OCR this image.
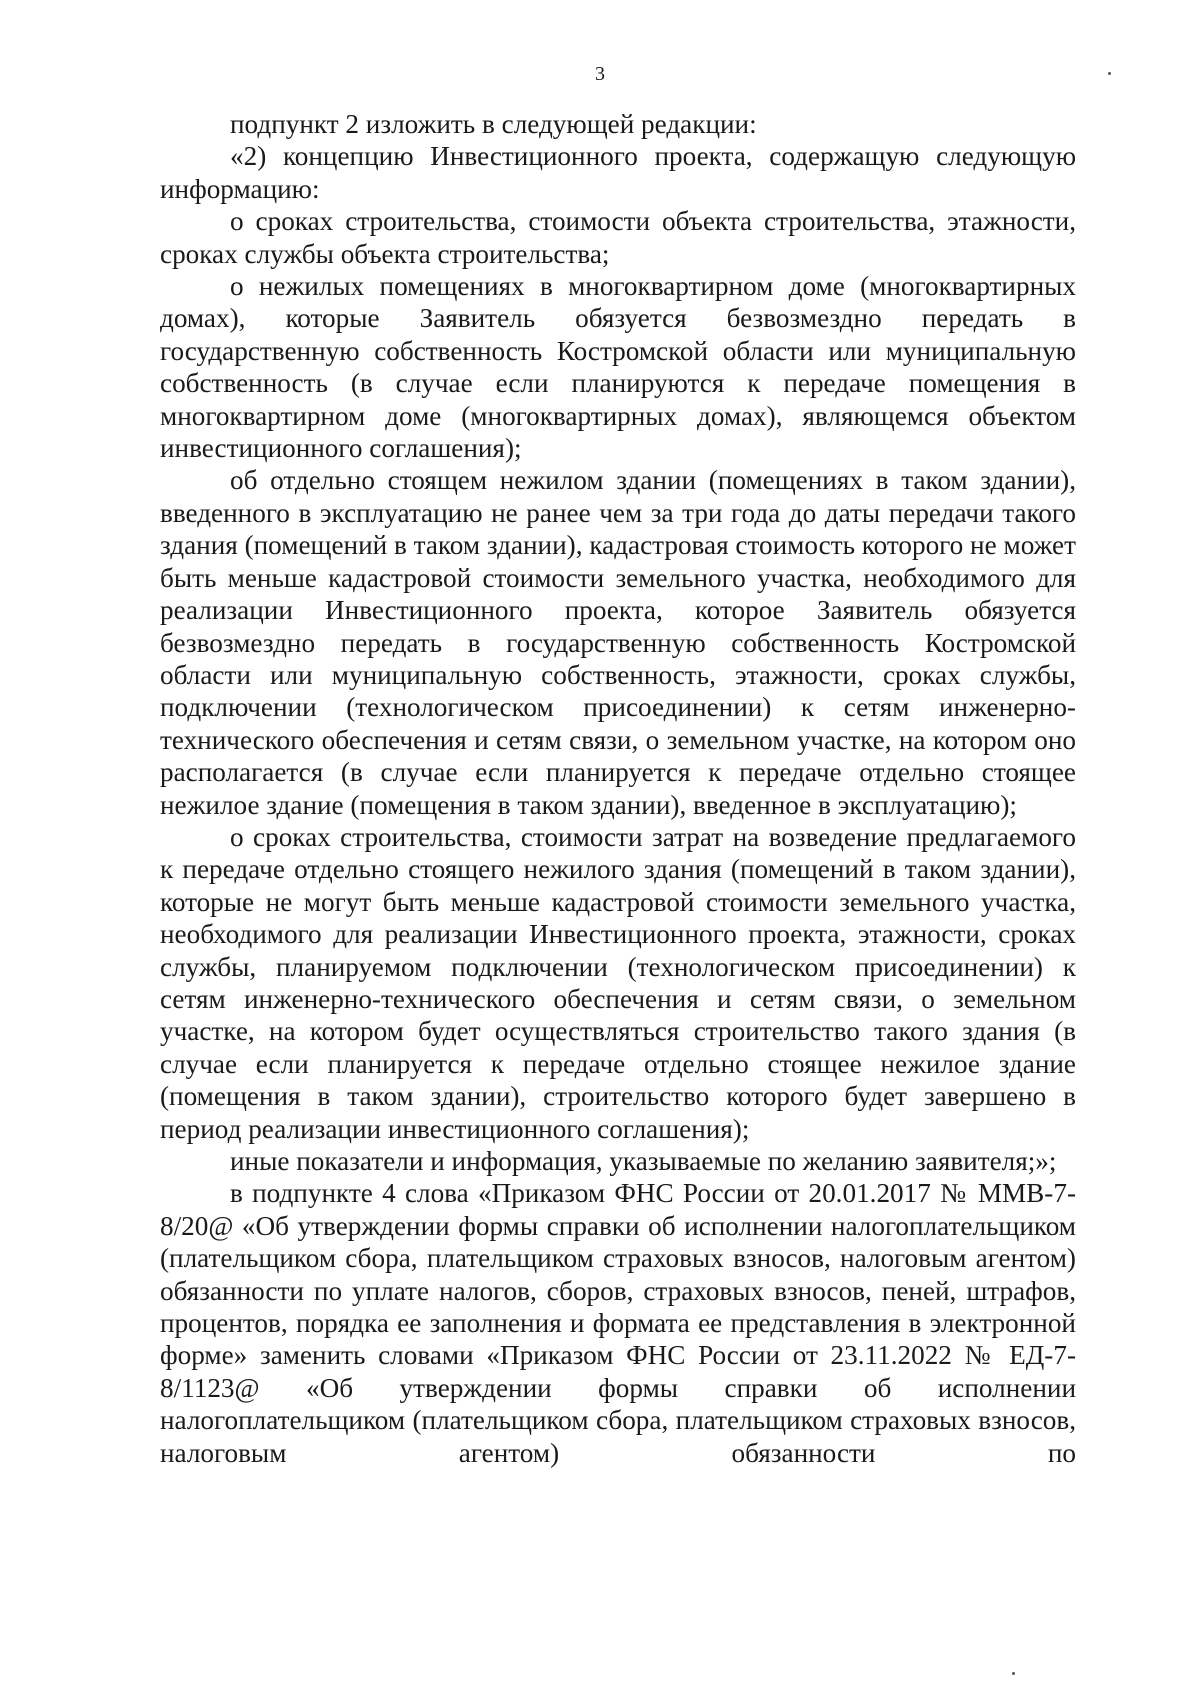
3

подпункт 2 изложить в следующей редакции:

«2) концепцию Инвестиционного проекта, содержащую следующую информацию:

о сроках строительства, стоимости объекта строительства, этажности, сроках службы объекта строительства;

о нежилых помещениях в многоквартирном доме (многоквартирных домах), которые Заявитель обязуется безвозмездно передать в государственную собственность Костромской области или муниципальную собственность (в случае если планируются к передаче помещения в многоквартирном доме (многоквартирных домах), являющемся объектом инвестиционного соглашения);

об отдельно стоящем нежилом здании (помещениях в таком здании), введенного в эксплуатацию не ранее чем за три года до даты передачи такого здания (помещений в таком здании), кадастровая стоимость которого не может быть меньше кадастровой стоимости земельного участка, необходимого для реализации Инвестиционного проекта, которое Заявитель обязуется безвозмездно передать в государственную собственность Костромской области или муниципальную собственность, этажности, сроках службы, подключении (технологическом присоединении) к сетям инженерно-технического обеспечения и сетям связи, о земельном участке, на котором оно располагается (в случае если планируется к передаче отдельно стоящее нежилое здание (помещения в таком здании), введенное в эксплуатацию);

о сроках строительства, стоимости затрат на возведение предлагаемого к передаче отдельно стоящего нежилого здания (помещений в таком здании), которые не могут быть меньше кадастровой стоимости земельного участка, необходимого для реализации Инвестиционного проекта, этажности, сроках службы, планируемом подключении (технологическом присоединении) к сетям инженерно-технического обеспечения и сетям связи, о земельном участке, на котором будет осуществляться строительство такого здания (в случае если планируется к передаче отдельно стоящее нежилое здание (помещения в таком здании), строительство которого будет завершено в период реализации инвестиционного соглашения);

иные показатели и информация, указываемые по желанию заявителя;»;

в подпункте 4 слова «Приказом ФНС России от 20.01.2017 № ММВ-7-8/20@ «Об утверждении формы справки об исполнении налогоплательщиком (плательщиком сбора, плательщиком страховых взносов, налоговым агентом) обязанности по уплате налогов, сборов, страховых взносов, пеней, штрафов, процентов, порядка ее заполнения и формата ее представления в электронной форме» заменить словами «Приказом ФНС России от 23.11.2022 № ЕД-7-8/1123@ «Об утверждении формы справки об исполнении налогоплательщиком (плательщиком сбора, плательщиком страховых взносов, налоговым агентом) обязанности по
